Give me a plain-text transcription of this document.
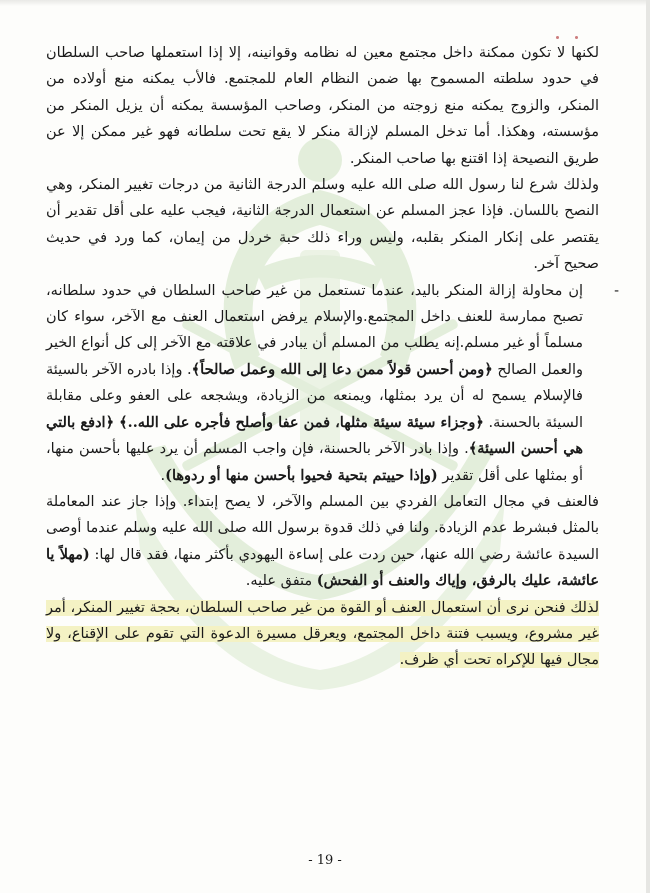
لكنها لا تكون ممكنة داخل مجتمع معين له نظامه وقوانينه، إلا إذا استعملها صاحب السلطان في حدود سلطته المسموح بها ضمن النظام العام للمجتمع. فالأب يمكنه منع أولاده من المنكر، والزوج يمكنه منع زوجته من المنكر، وصاحب المؤسسة يمكنه أن يزيل المنكر من مؤسسته، وهكذا. أما تدخل المسلم لإزالة منكر لا يقع تحت سلطانه فهو غير ممكن إلا عن طريق النصيحة إذا اقتنع بها صاحب المنكر.

ولذلك شرع لنا رسول الله صلى الله عليه وسلم الدرجة الثانية من درجات تغيير المنكر، وهي النصح باللسان. فإذا عجز المسلم عن استعمال الدرجة الثانية، فيجب عليه على أقل تقدير أن يقتصر على إنكار المنكر بقلبه، وليس وراء ذلك حبة خردل من إيمان، كما ورد في حديث صحيح آخر.

-
إن محاولة إزالة المنكر باليد، عندما تستعمل من غير صاحب السلطان في حدود سلطانه، تصبح ممارسة للعنف داخل المجتمع.والإسلام يرفض استعمال العنف مع الآخر، سواء كان مسلماً أو غير مسلم.إنه يطلب من المسلم أن يبادر في علاقته مع الآخر إلى كل أنواع الخير والعمل الصالح ﴿ومن أحسن قولاً ممن دعا إلى الله وعمل صالحاً﴾. وإذا بادره الآخر بالسيئة فالإسلام يسمح له أن يرد بمثلها، ويمنعه من الزيادة، ويشجعه على العفو وعلى مقابلة السيئة بالحسنة. ﴿وجزاء سيئة سيئة مثلها، فمن عفا وأصلح فأجره على الله..﴾ ﴿ادفع بالتي هي أحسن السيئة﴾. وإذا بادر الآخر بالحسنة، فإن واجب المسلم أن يرد عليها بأحسن منها، أو بمثلها على أقل تقدير (وإذا حييتم بتحية فحيوا بأحسن منها أو ردوها).

فالعنف في مجال التعامل الفردي بين المسلم والآخر، لا يصح إبتداء. وإذا جاز عند المعاملة بالمثل فبشرط عدم الزيادة. ولنا في ذلك قدوة برسول الله صلى الله عليه وسلم عندما أوصى السيدة عائشة رضي الله عنها، حين ردت على إساءة اليهودي بأكثر منها، فقد قال لها: (مهلاً يا عائشة، عليك بالرفق، وإياك والعنف أو الفحش) متفق عليه.

لذلك فنحن نرى أن استعمال العنف أو القوة من غير صاحب السلطان، بحجة تغيير المنكر، أمر غير مشروع، ويسبب فتنة داخل المجتمع، ويعرقل مسيرة الدعوة التي تقوم على الإقناع، ولا مجال فيها للإكراه تحت أي ظرف.

- 19 -
